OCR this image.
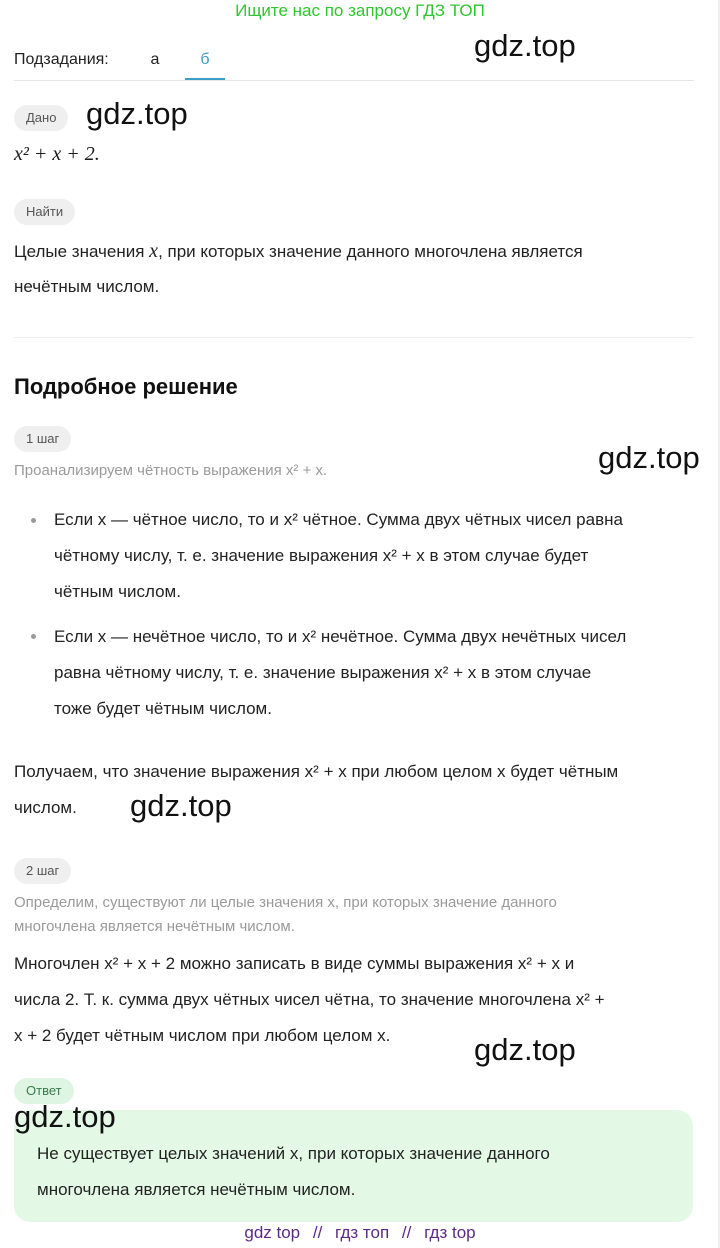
Ищите нас по запросу ГДЗ ТОП
Подзадания:	а	б	gdz.top
Дано gdz.top
x² + x + 2.
Найти
Целые значения x, при которых значение данного многочлена является
нечётным числом.
Подробное решение
1 шаг
Проанализируем чётность выражения x² + x.	gdz.top
Если x — чётное число, то и x² чётное. Сумма двух чётных чисел равна
чётному числу, т. е. значение выражения x² + x в этом случае будет
чётным числом.
Если x — нечётное число, то и x² нечётное. Сумма двух нечётных чисел
равна чётному числу, т. е. значение выражения x² + x в этом случае
тоже будет чётным числом.
Получаем, что значение выражения x² + x при любом целом x будет чётным
числом. gdz.top
2 шаг
Определим, существуют ли целые значения x, при которых значение данного
многочлена является нечётным числом.
Многочлен x² + x + 2 можно записать в виде суммы выражения x² + x и
числа 2. Т. к. сумма двух чётных чисел чётна, то значение многочлена x² +
x + 2 будет чётным числом при любом целом x.	gdz.top
Ответ
gdz.top
Не существует целых значений x, при которых значение данного
многочлена является нечётным числом.
gdz top // гдз топ // гдз top
